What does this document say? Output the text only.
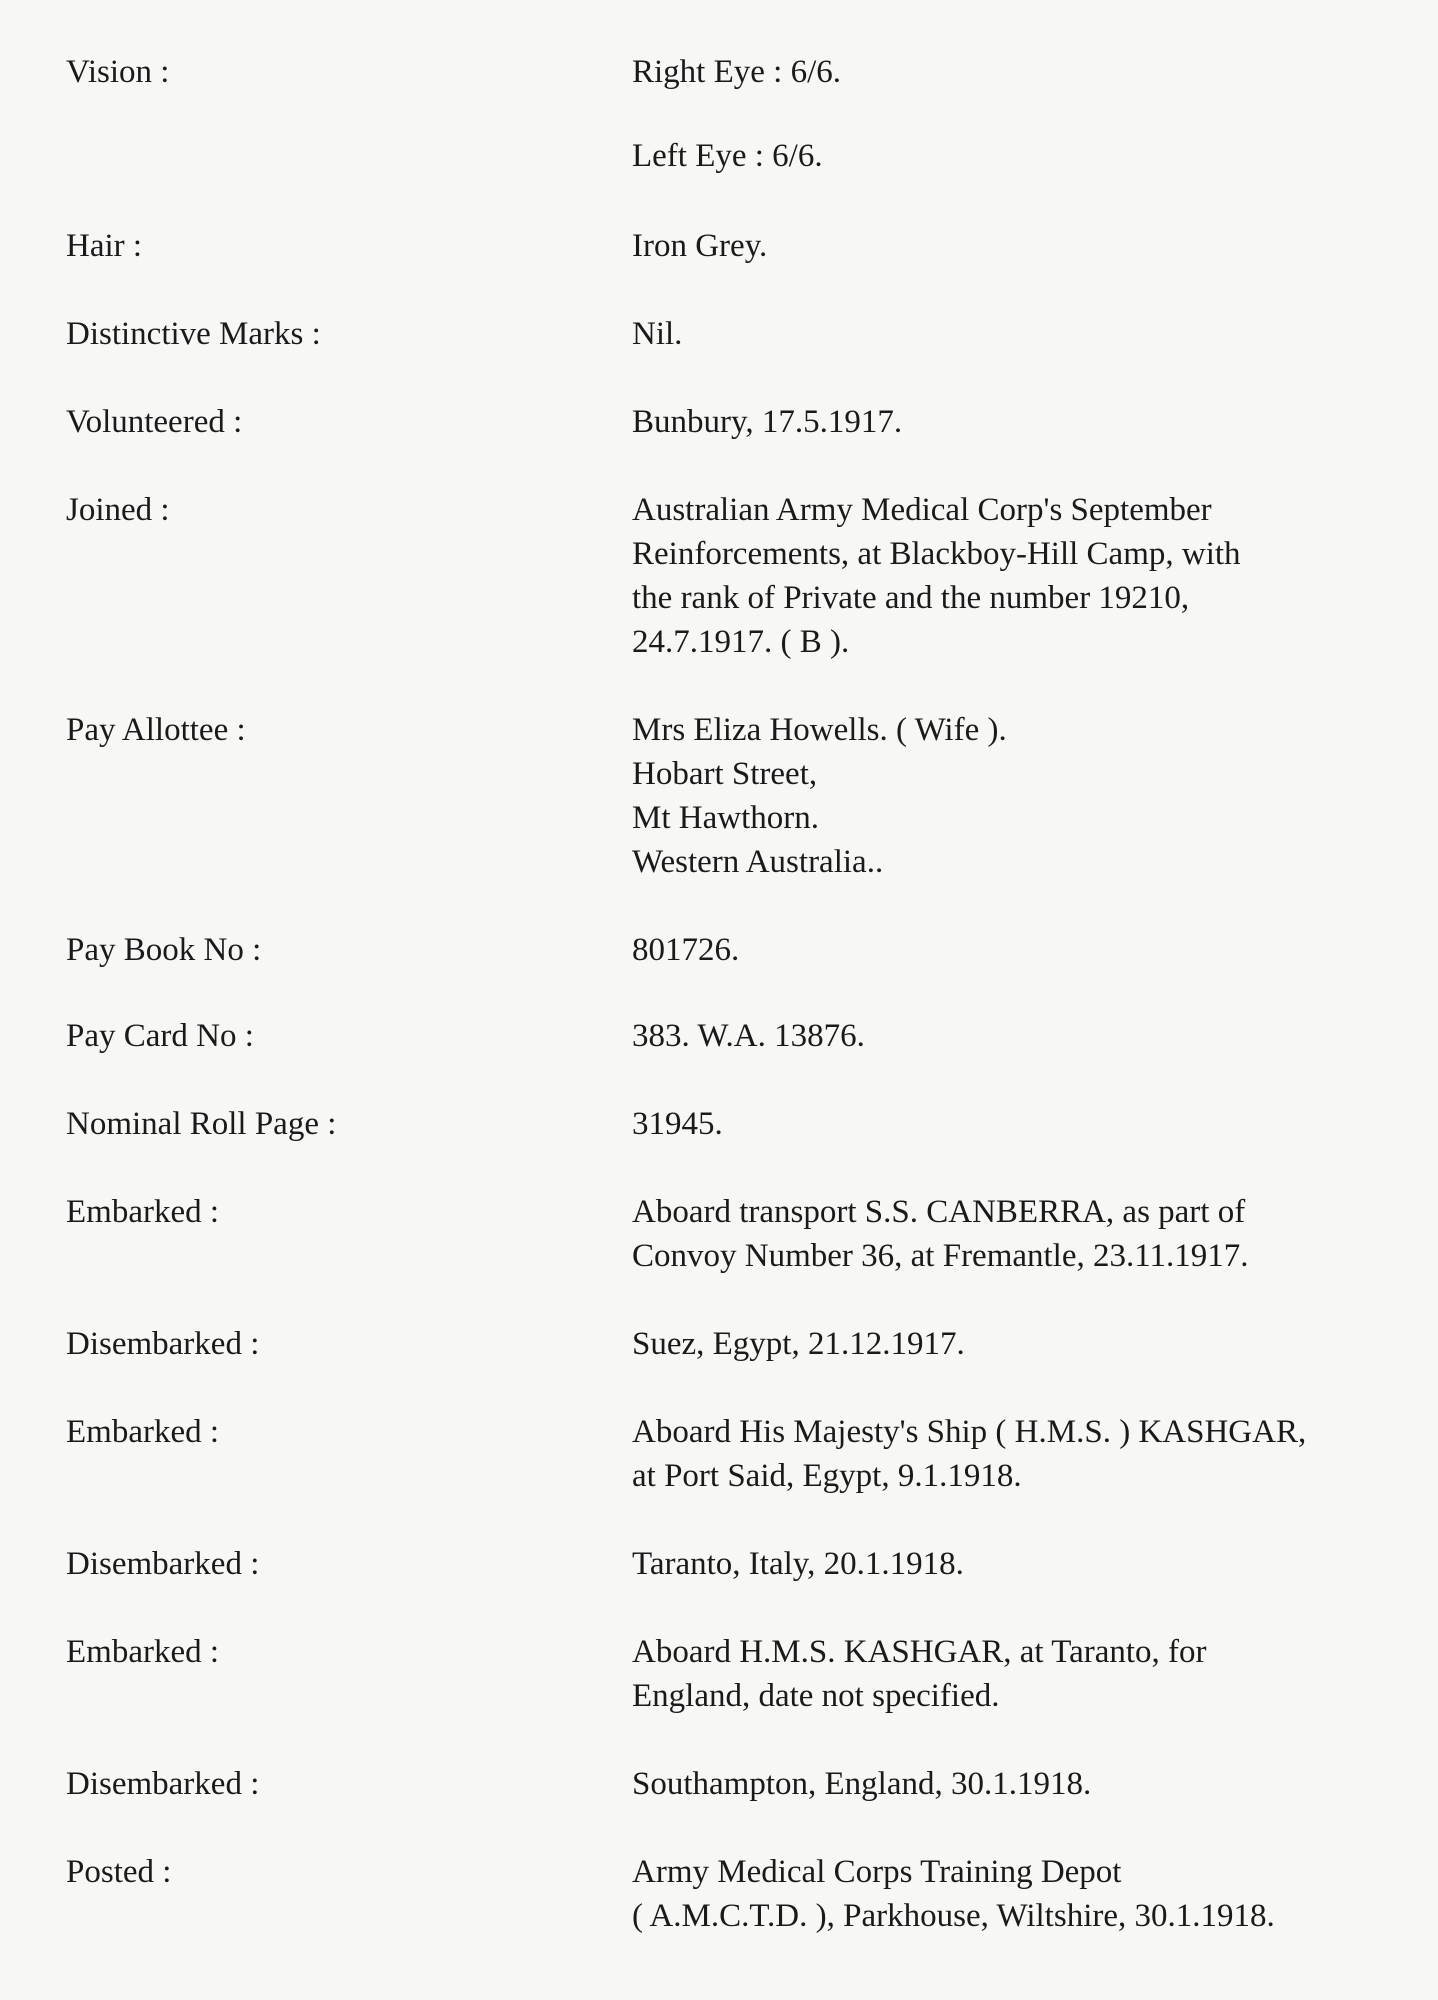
Vision :	Right Eye : 6/6.
Left Eye : 6/6.
Hair :	Iron Grey.
Distinctive Marks :	Nil.
Volunteered :	Bunbury, 17.5.1917.
Joined :	Australian Army Medical Corp's September
Reinforcements, at Blackboy-Hill Camp, with
the rank of Private and the number 19210,
24.7.1917. ( B ).
Pay Allottee :	Mrs Eliza Howells. ( Wife ).
Hobart Street,
Mt Hawthorn.
Western Australia..
Pay Book No :	801726.
Pay Card No :	383. W.A. 13876.
Nominal Roll Page :	31945.
Embarked :	Aboard transport S.S. CANBERRA, as part of
Convoy Number 36, at Fremantle, 23.11.1917.
Disembarked :	Suez, Egypt, 21.12.1917.
Embarked :	Aboard His Majesty's Ship ( H.M.S. ) KASHGAR,
at Port Said, Egypt, 9.1.1918.
Disembarked :	Taranto, Italy, 20.1.1918.
Embarked :	Aboard H.M.S. KASHGAR, at Taranto, for
England, date not specified.
Disembarked :	Southampton, England, 30.1.1918.
Posted :	Army Medical Corps Training Depot
( A.M.C.T.D. ), Parkhouse, Wiltshire, 30.1.1918.
